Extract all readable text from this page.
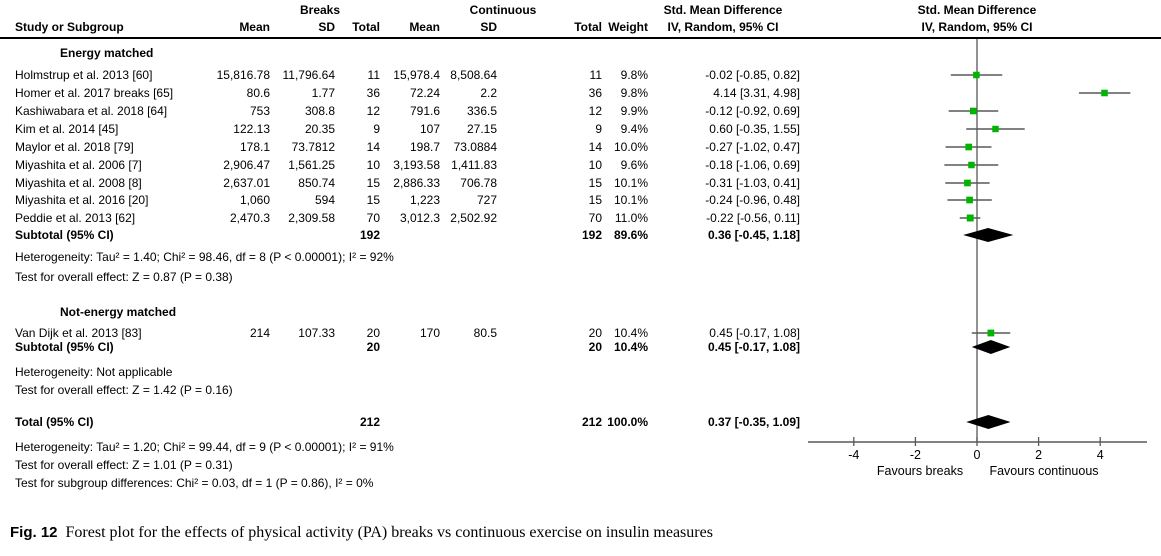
Breaks	Continuous	Std. Mean Difference	Std. Mean Difference
Study or Subgroup	Mean	SD	Total	Mean	SD	Total Weight	IV, Random, 95% CI	IV, Random, 95% CI
Energy matched
Holmstrup et al. 2013 [60]	15,816.78	11,796.64	11	15,978.4 8,508.64	11	9.8%	-0.02 [-0.85, 0.82]
Homer et al. 2017 breaks [65]	80.6	1.77	36	72.24	2.2	36	9.8%	4.14 [3.31, 4.98]
Kashiwabara et al. 2018 [64]	753	308.8	12	791.6	336.5	12	9.9%	-0.12 [-0.92, 0.69]
Kim et al. 2014 [45]	122.13	20.35	9	107	27.15	9	9.4%	0.60 [-0.35, 1.55]
Maylor et al. 2018 [79]	178.1	73.7812	14	198.7	73.0884	14 10.0%	-0.27 [-1.02, 0.47]
Miyashita et al. 2006 [7]	2,906.47	1,561.25	10	3,193.58 1,411.83	10	9.6%	-0.18 [-1.06, 0.69]
Miyashita et al. 2008 [8]	2,637.01	850.74	15	2,886.33	706.78	15 10.1%	-0.31 [-1.03, 0.41]
Miyashita et al. 2016 [20]	1,060	594	15	1,223	727	15 10.1%	-0.24 [-0.96, 0.48]
Peddie et al. 2013 [62]	2,470.3	2,309.58	70	3,012.3 2,502.92	70	11.0%	-0.22 [-0.56, 0.11]
Subtotal (95% CI)	192	192 89.6%	0.36 [-0.45, 1.18]
Heterogeneity: Tau² = 1.40; Chi² = 98.46, df = 8 (P < 0.00001); I² = 92%
Test for overall effect: Z = 0.87 (P = 0.38)
Not-energy matched
Van Dijk et al. 2013 [83]	214	107.33	20	170	80.5	20 10.4%	0.45 [-0.17, 1.08]
Subtotal (95% CI)	20	20 10.4%	0.45 [-0.17, 1.08]
Heterogeneity: Not applicable
Test for overall effect: Z = 1.42 (P = 0.16)
Total (95% CI)	212	212 100.0%	0.37 [-0.35, 1.09]
Heterogeneity: Tau² = 1.20; Chi² = 99.44, df = 9 (P < 0.00001); I² = 91%
Test for overall effect: Z = 1.01 (P = 0.31)
Test for subgroup differences: Chi² = 0.03, df = 1 (P = 0.86), I² = 0%
-4	-2	0	2	4
Favours breaks Favours continuous
Fig. 12 Forest plot for the effects of physical activity (PA) breaks vs continuous exercise on insulin measures
